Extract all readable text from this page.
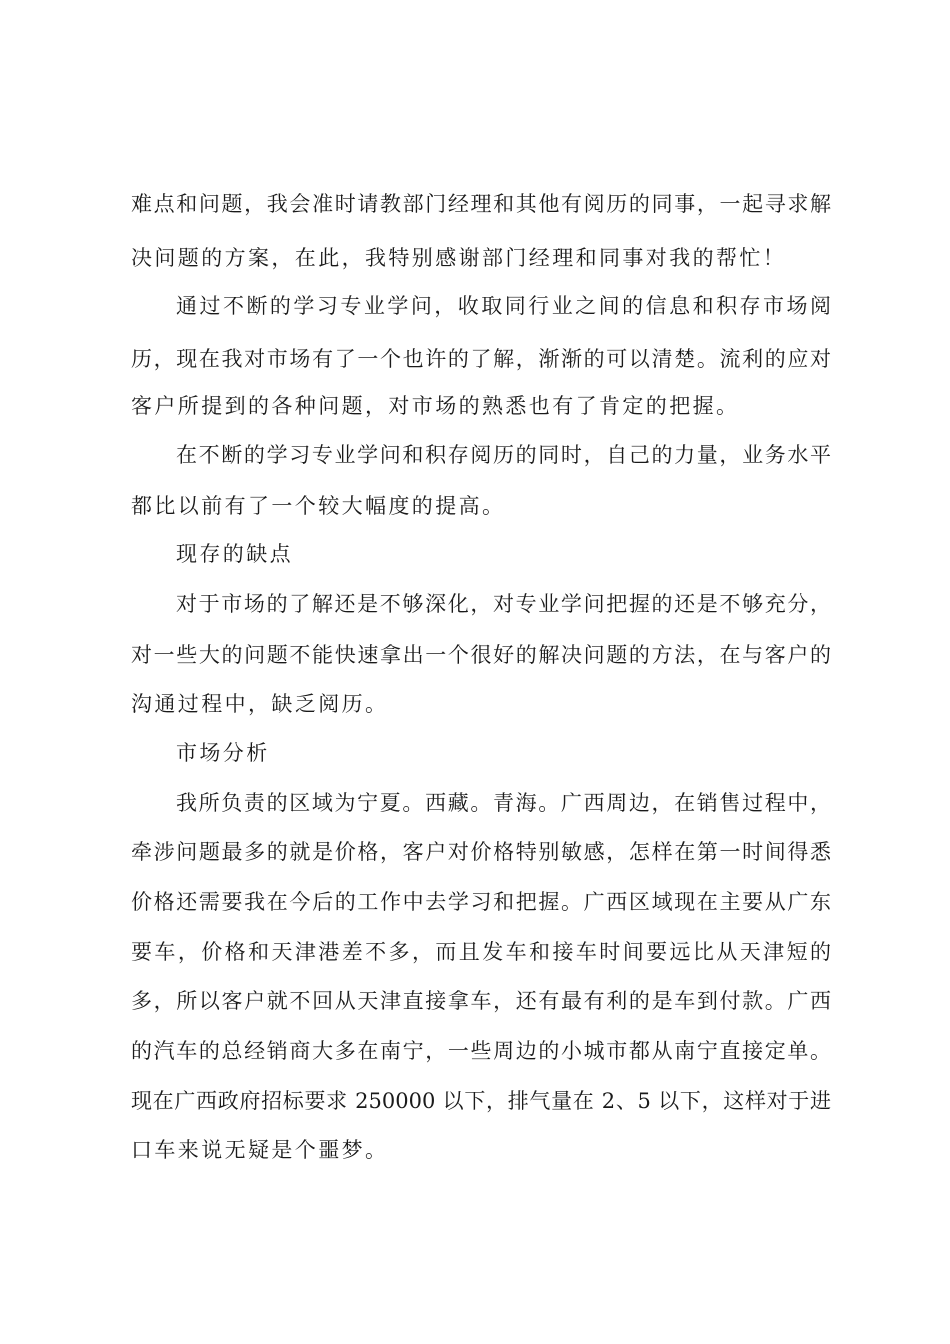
难点和问题，我会准时请教部门经理和其他有阅历的同事，一起寻求解
决问题的方案，在此，我特别感谢部门经理和同事对我的帮忙！
通过不断的学习专业学问，收取同行业之间的信息和积存市场阅
历，现在我对市场有了一个也许的了解，渐渐的可以清楚。流利的应对
客户所提到的各种问题，对市场的熟悉也有了肯定的把握。
在不断的学习专业学问和积存阅历的同时，自己的力量，业务水平
都比以前有了一个较大幅度的提高。
现存的缺点
对于市场的了解还是不够深化，对专业学问把握的还是不够充分，
对一些大的问题不能快速拿出一个很好的解决问题的方法，在与客户的
沟通过程中，缺乏阅历。
市场分析
我所负责的区域为宁夏。西藏。青海。广西周边，在销售过程中，
牵涉问题最多的就是价格，客户对价格特别敏感，怎样在第一时间得悉
价格还需要我在今后的工作中去学习和把握。广西区域现在主要从广东
要车，价格和天津港差不多，而且发车和接车时间要远比从天津短的
多，所以客户就不回从天津直接拿车，还有最有利的是车到付款。广西
的汽车的总经销商大多在南宁，一些周边的小城市都从南宁直接定单。
现在广西政府招标要求 250000 以下，排气量在 2、5 以下，这样对于进
口车来说无疑是个噩梦。
